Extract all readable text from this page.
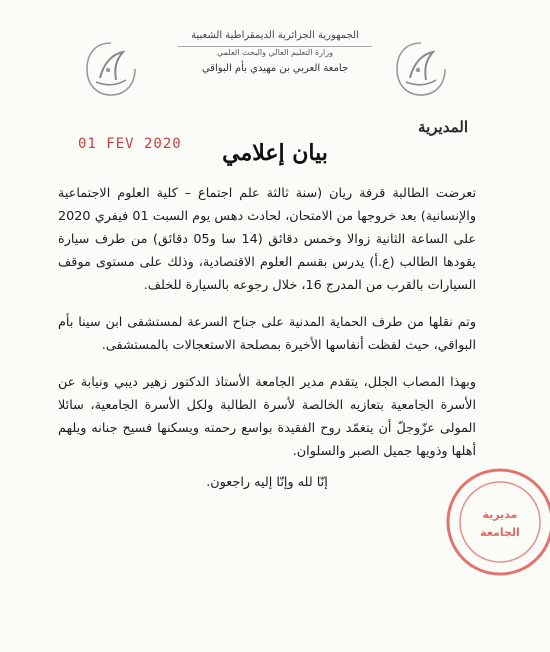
الجمهورية الجزائرية الديمقراطية الشعبية
وزارة التعليم العالي والبحث العلمي
جامعة العربي بن مهيدي بأم البواقي
المديرية
01 FEV 2020	بيان إعلامي

تعرضت الطالبة قرفة ريان (سنة ثالثة علم اجتماع – كلية العلوم الاجتماعية والإنسانية) بعد خروجها من الامتحان، لحادث دهس يوم السبت 01 فيفري 2020 على الساعة الثانية زوالا وخمس دقائق (14 سا و05 دقائق) من طرف سيارة يقودها الطالب (ع.أ) يدرس بقسم العلوم الاقتصادية، وذلك على مستوى موقف السيارات بالقرب من المدرج 16، خلال رجوعه بالسيارة للخلف.

وتم نقلها من طرف الحماية المدنية على جناح السرعة لمستشفى ابن سينا بأم البواقي، حيث لفظت أنفاسها الأخيرة بمصلحة الاستعجالات بالمستشفى.

وبهذا المصاب الجلل، يتقدم مدير الجامعة الأستاذ الدكتور زهير ديبي ونيابة عن الأسرة الجامعية بتعازيه الخالصة لأسرة الطالبة ولكل الأسرة الجامعية، سائلا المولى عزّوجلّ أن يتغمّد روح الفقيدة بواسع رحمته ويسكنها فسيح جنانه ويلهم أهلها وذويها جميل الصبر والسلوان.

إنّا لله وإنّا إليه راجعون.

مديرية
الجامعة
